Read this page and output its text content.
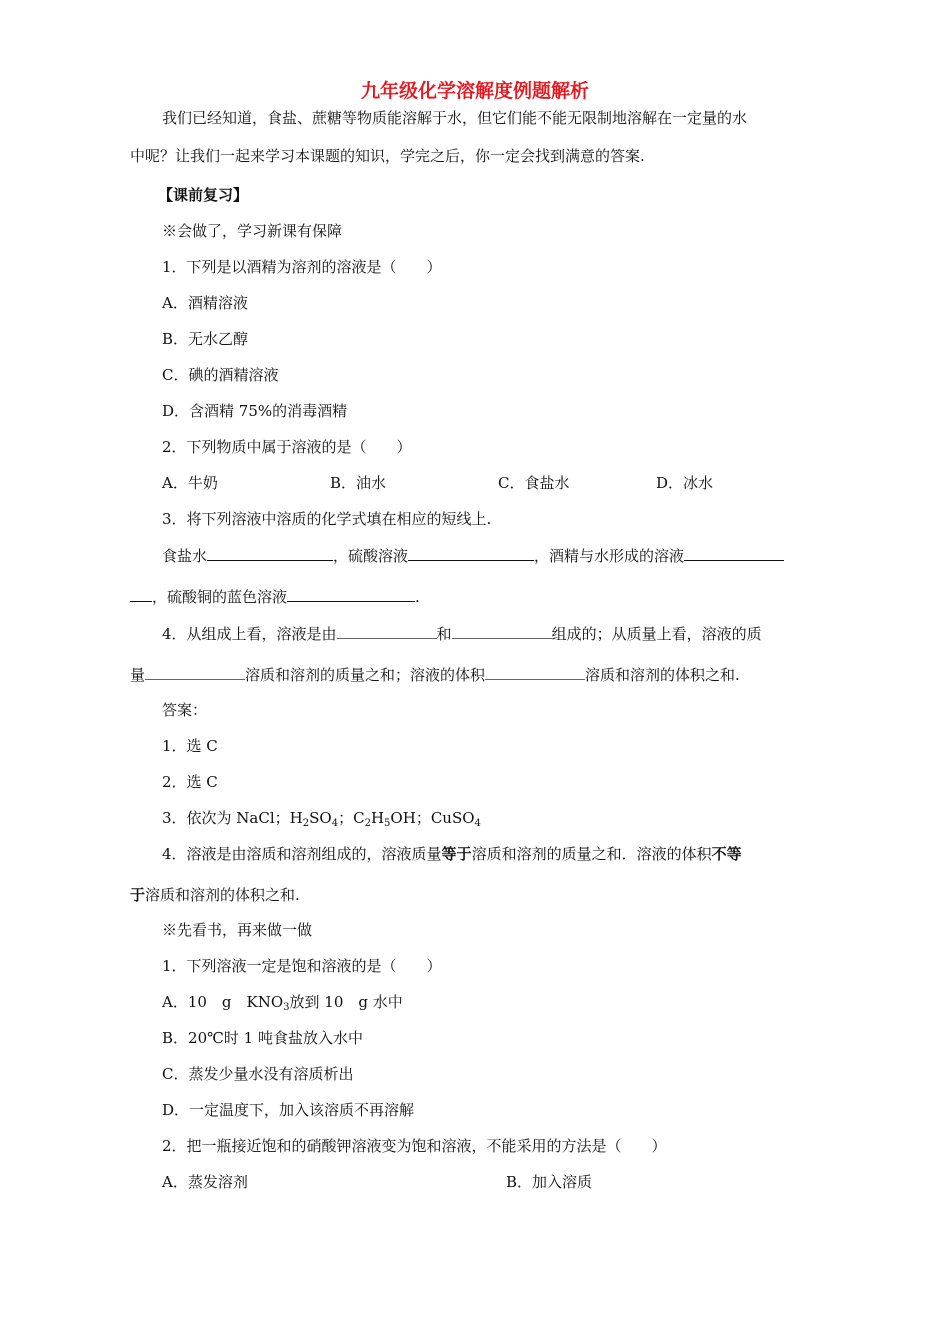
九年级化学溶解度例题解析
我们已经知道，食盐、蔗糖等物质能溶解于水，但它们能不能无限制地溶解在一定量的水
中呢？让我们一起来学习本课题的知识，学完之后，你一定会找到满意的答案.
【课前复习】
※会做了，学习新课有保障
1．下列是以酒精为溶剂的溶液是（　　）
A．酒精溶液
B．无水乙醇
C．碘的酒精溶液
D．含酒精 75%的消毒酒精
2．下列物质中属于溶液的是（　　）
A．牛奶	B．油水	C．食盐水	D．冰水
3．将下列溶液中溶质的化学式填在相应的短线上.
食盐水	，硫酸溶液	，酒精与水形成的溶液
，硫酸铜的蓝色溶液	.
4．从组成上看，溶液是由	和	组成的；从质量上看，溶液的质
量	溶质和溶剂的质量之和；溶液的体积	溶质和溶剂的体积之和.
答案：
1．选 C
2．选 C
3．依次为 NaCl；$H_2SO_4$；$C_2H_5OH$；CuSO$_4$
4．溶液是由溶质和溶剂组成的，溶液质量等于溶质和溶剂的质量之和．溶液的体积不等
于溶质和溶剂的体积之和.
※先看书，再来做一做
1．下列溶液一定是饱和溶液的是（　　）
A．10　g　$KNO_3$放到 10　g 水中
B．20℃时 1 吨食盐放入水中
C．蒸发少量水没有溶质析出
D．一定温度下，加入该溶质不再溶解
2．把一瓶接近饱和的硝酸钾溶液变为饱和溶液，不能采用的方法是（　　）
A．蒸发溶剂	B．加入溶质
